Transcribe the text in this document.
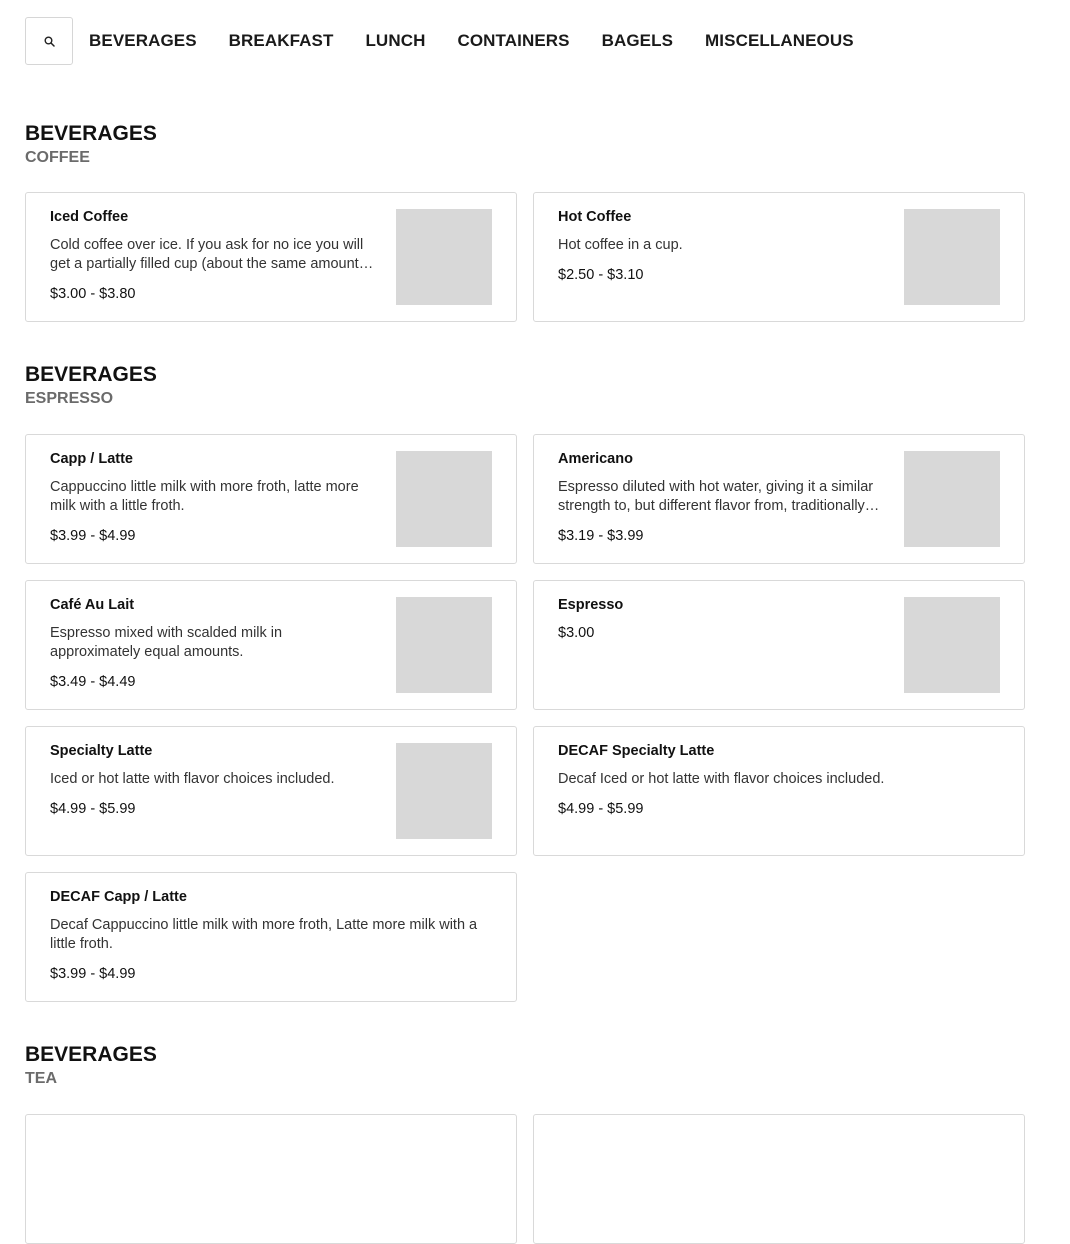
BEVERAGES BREAKFAST LUNCH CONTAINERS BAGELS MISCELLANEOUS
BEVERAGES
COFFEE
Iced Coffee
Cold coffee over ice. If you ask for no ice you will get a partially filled cup (about the same amount…
$3.00 - $3.80
Hot Coffee
Hot coffee in a cup.
$2.50 - $3.10
BEVERAGES
ESPRESSO
Capp / Latte
Cappuccino little milk with more froth, latte more milk with a little froth.
$3.99 - $4.99
Americano
Espresso diluted with hot water, giving it a similar strength to, but different flavor from, traditionally…
$3.19 - $3.99
Café Au Lait
Espresso mixed with scalded milk in approximately equal amounts.
$3.49 - $4.49
Espresso
$3.00
Specialty Latte
Iced or hot latte with flavor choices included.
$4.99 - $5.99
DECAF Specialty Latte
Decaf Iced or hot latte with flavor choices included.
$4.99 - $5.99
DECAF Capp / Latte
Decaf Cappuccino little milk with more froth, Latte more milk with a little froth.
$3.99 - $4.99
BEVERAGES
TEA
